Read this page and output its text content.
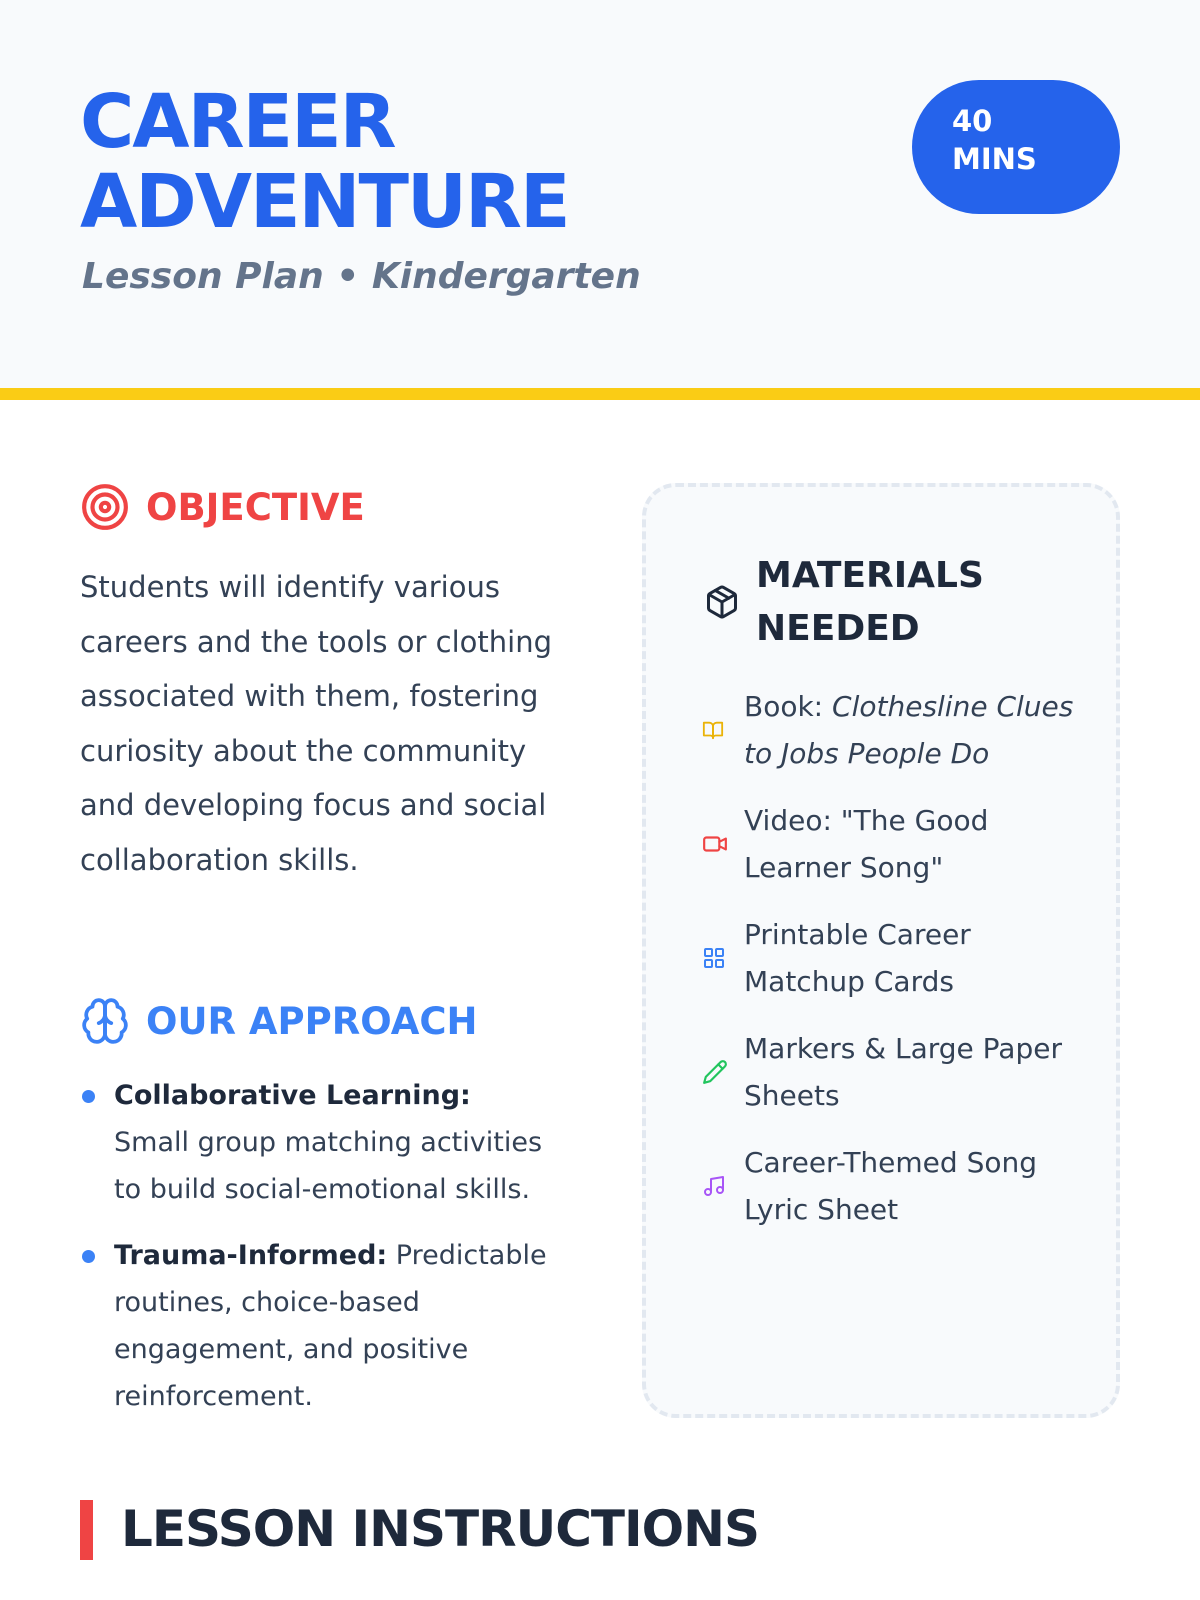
CAREER
ADVENTURE
Lesson Plan • Kindergarten
40
MINS
OBJECTIVE

Students will identify various careers and the tools or clothing associated with them, fostering curiosity about the community and developing focus and social collaboration skills.

OUR APPROACH
Collaborative Learning: Small group matching activities to build social-emotional skills.
Trauma-Informed: Predictable routines, choice-based engagement, and positive reinforcement.
MATERIALS
NEEDED
Book: Clothesline Clues to Jobs People Do
Video: "The Good Learner Song"
Printable Career Matchup Cards
Markers & Large Paper Sheets
Career-Themed Song Lyric Sheet
LESSON INSTRUCTIONS
